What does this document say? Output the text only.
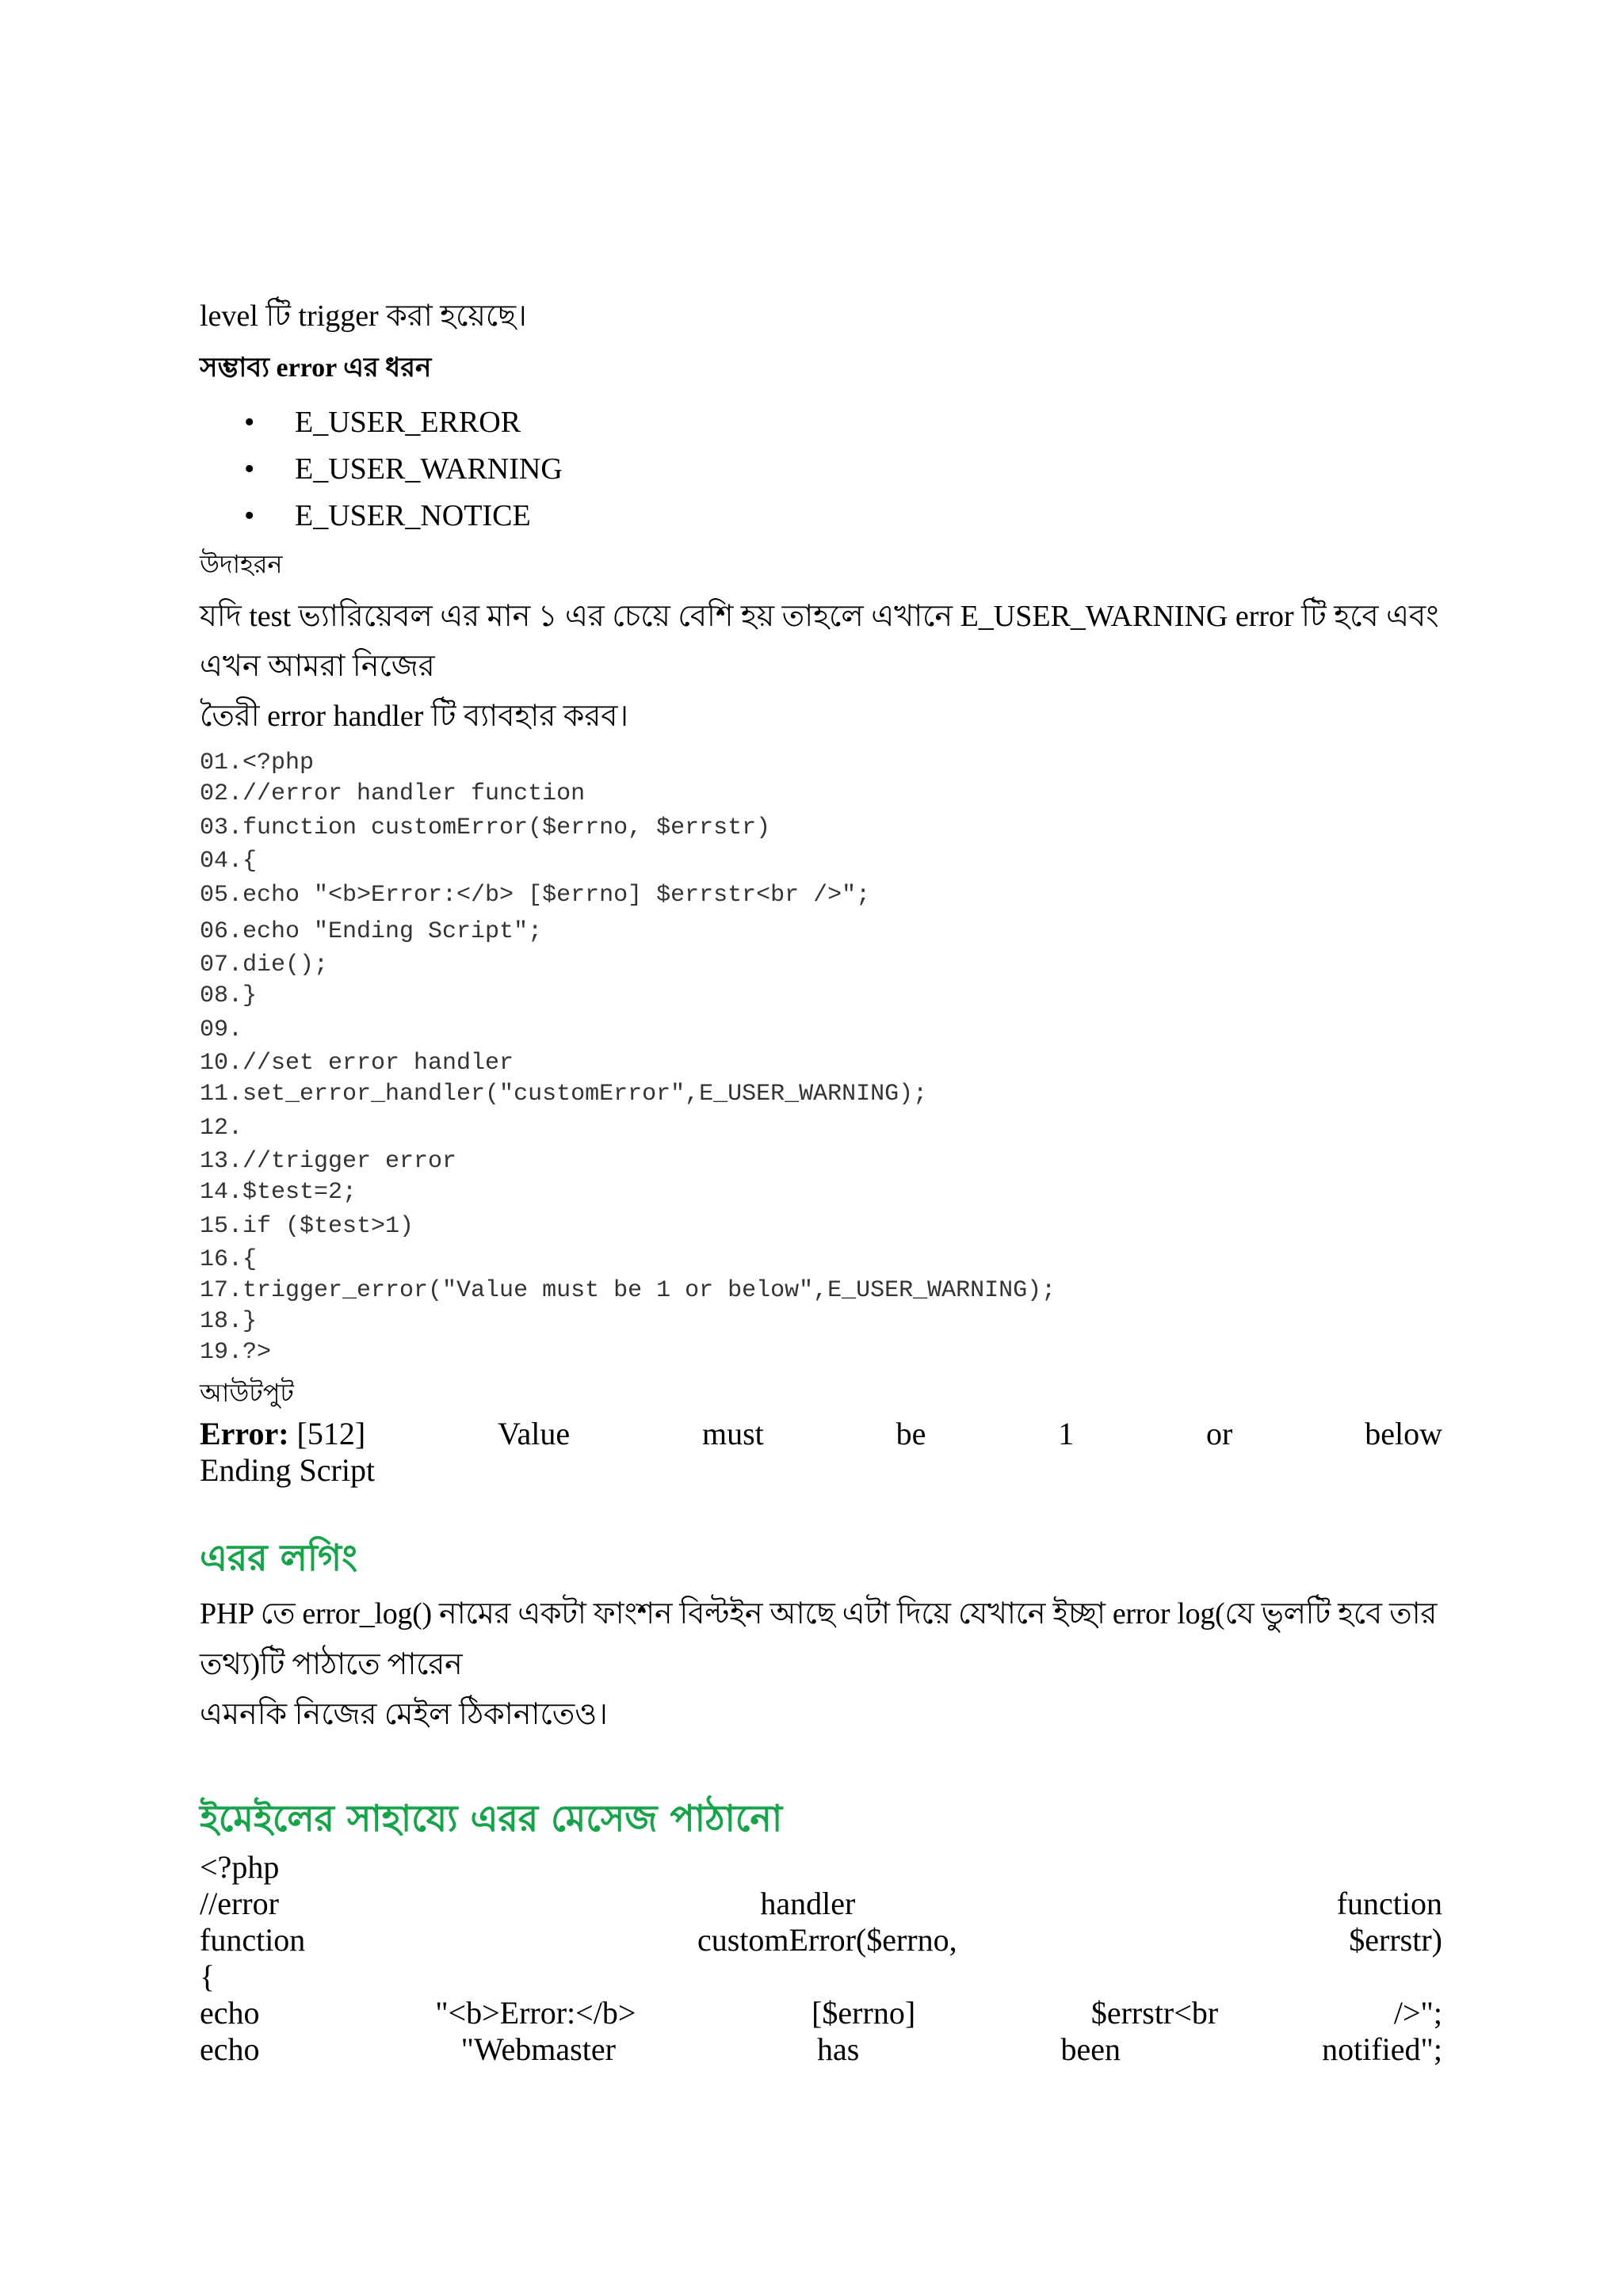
level টি trigger করা হয়েছে।

সম্ভাব্য error এর ধরন

• E_USER_ERROR
• E_USER_WARNING
• E_USER_NOTICE

উদাহরন

যদি test ভ্যারিয়েবল এর মান ১ এর চেয়ে বেশি হয় তাহলে এখানে E_USER_WARNING error টি হবে এবং এখন আমরা নিজের

তৈরী error handler টি ব্যাবহার করব।

01.<?php
02.//error handler function
03.function customError($errno, $errstr)
04.{
05.echo "<b>Error:</b> [$errno] $errstr<br />";
06.echo "Ending Script";
07.die();
08.}
09.
10.//set error handler
11.set_error_handler("customError",E_USER_WARNING);
12.
13.//trigger error
14.$test=2;
15.if ($test>1)
16.{
17.trigger_error("Value must be 1 or below",E_USER_WARNING);
18.}
19.?>

আউটপুট

Error: [512]	Value	must	be	1	or	below

Ending Script

এরর লগিং

PHP তে error_log() নামের একটা ফাংশন বিল্টইন আছে এটা দিয়ে যেখানে ইচ্ছা error log(যে ভুলটি হবে তার তথ্য)টি পাঠাতে পারেন

এমনকি নিজের মেইল ঠিকানাতেও।

ইমেইলের সাহায্যে এরর মেসেজ পাঠানো

<?php
//error	handler	function
function	customError($errno,	$errstr)
{
echo	"<b>Error:</b>	[$errno]	$errstr<br	/>";
echo	"Webmaster	has	been	notified";
